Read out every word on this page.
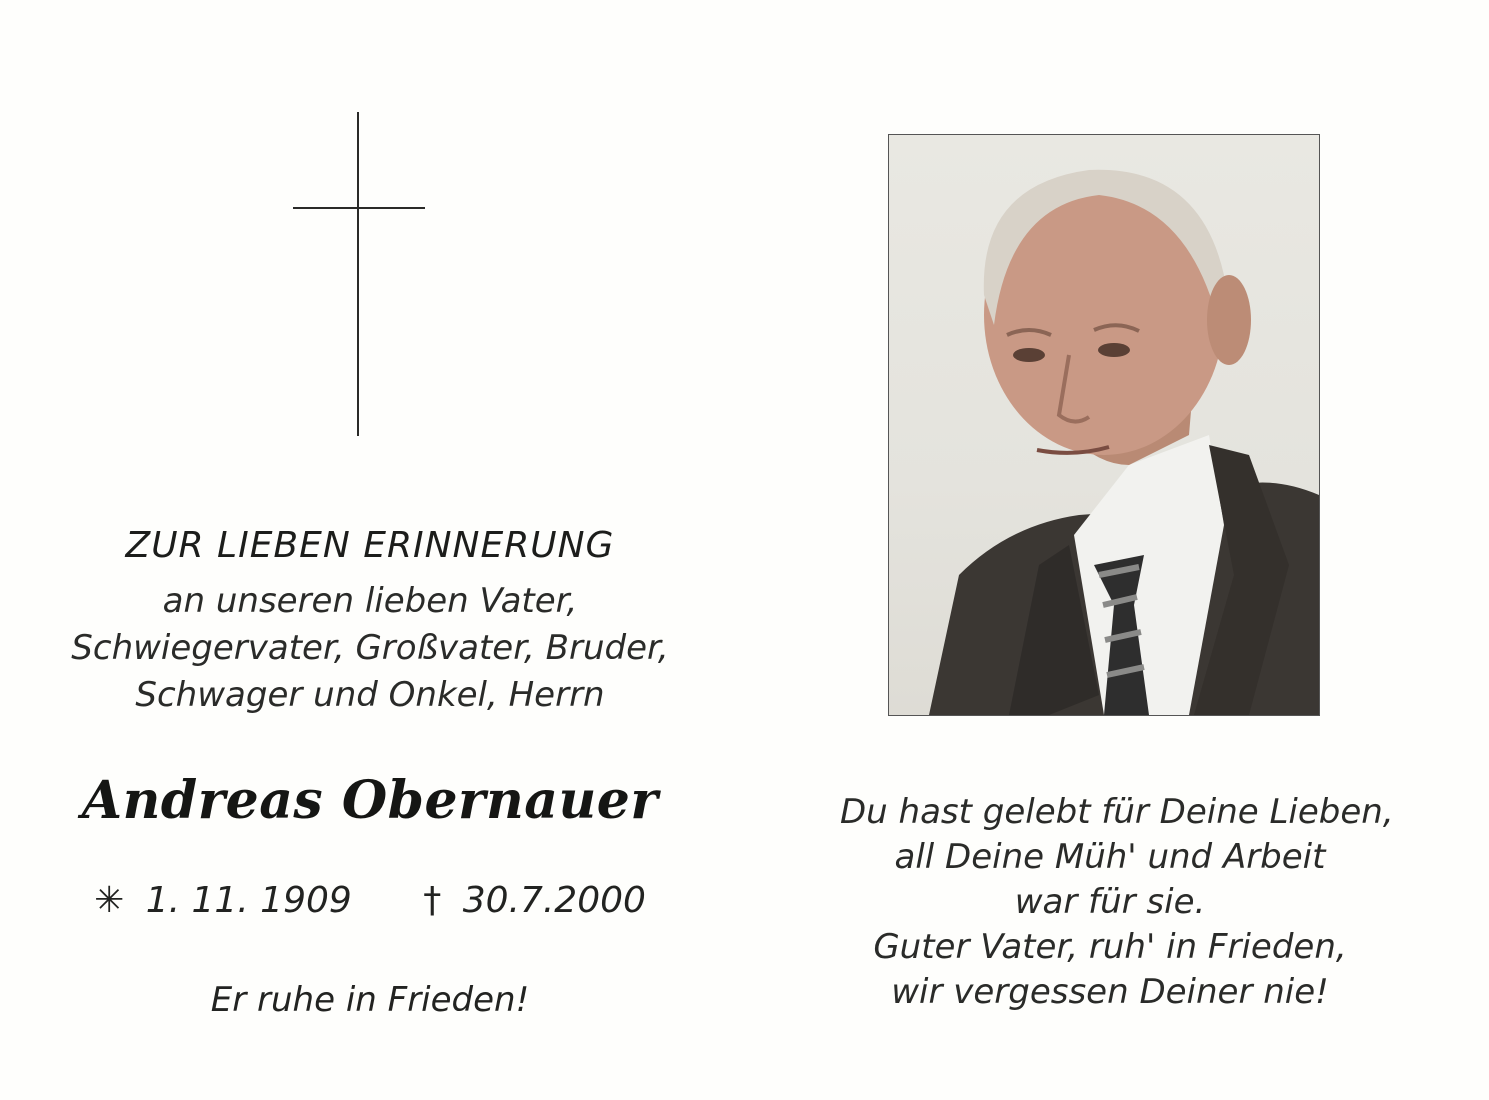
ZUR LIEBEN ERINNERUNG
an unseren lieben Vater,
Schwiegervater, Großvater, Bruder,
Schwager und Onkel, Herrn
Andreas Obernauer
✳ 1. 11. 1909 † 30.7.2000
Er ruhe in Frieden!
Du hast gelebt für Deine Lieben,
all Deine Müh' und Arbeit
war für sie.
Guter Vater, ruh' in Frieden,
wir vergessen Deiner nie!
